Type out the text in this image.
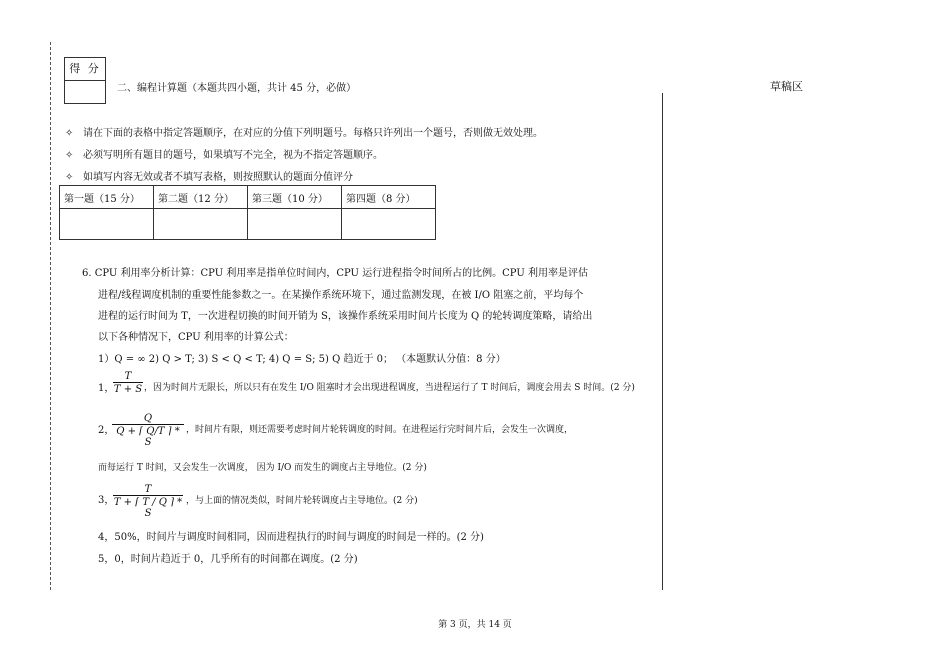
得 分
二、编程计算题（本题共四小题，共计 45 分，必做）	草稿区
✧ 请在下面的表格中指定答题顺序，在对应的分值下列明题号。每格只许列出一个题号，否则做无效处理。
✧ 必须写明所有题目的题号，如果填写不完全，视为不指定答题顺序。
✧ 如填写内容无效或者不填写表格，则按照默认的题面分值评分
第一题（15 分）	第二题（12 分）	第三题（10 分）	第四题（8 分）

6. CPU 利用率分析计算：CPU 利用率是指单位时间内，CPU 运行进程指令时间所占的比例。CPU 利用率是评估
进程/线程调度机制的重要性能参数之一。在某操作系统环境下，通过监测发现，在被 I/O 阻塞之前，平均每个
进程的运行时间为 T，一次进程切换的时间开销为 S，该操作系统采用时间片长度为 Q 的轮转调度策略，请给出
以下各种情况下，CPU 利用率的计算公式：
1）Q = ∞ 2) Q > T; 3) S < Q < T; 4) Q = S; 5) Q 趋近于 0； （本题默认分值：8 分）
1，
$\frac{T}{T + S}$ ，因为时间片无限长，所以只有在发生 I/O 阻塞时才会出现进程调度，当进程运行了 T 时间后，调度会用去 S 时间。(2 分)
2，
$\frac{Q}{Q + ⌈ Q/T ⌉ * S}$ ，时间片有限，则还需要考虑时间片轮转调度的时间。在进程运行完时间片后，会发生一次调度，
而每运行 T 时间，又会发生一次调度， 因为 I/O 而发生的调度占主导地位。(2 分)
3，
$\frac{T}{T + ⌈ T / Q ⌉ * S}$ ，与上面的情况类似，时间片轮转调度占主导地位。(2 分)
4，50%，时间片与调度时间相同，因而进程执行的时间与调度的时间是一样的。(2 分)
5，0，时间片趋近于 0，几乎所有的时间都在调度。(2 分)
第 3 页，共 14 页
